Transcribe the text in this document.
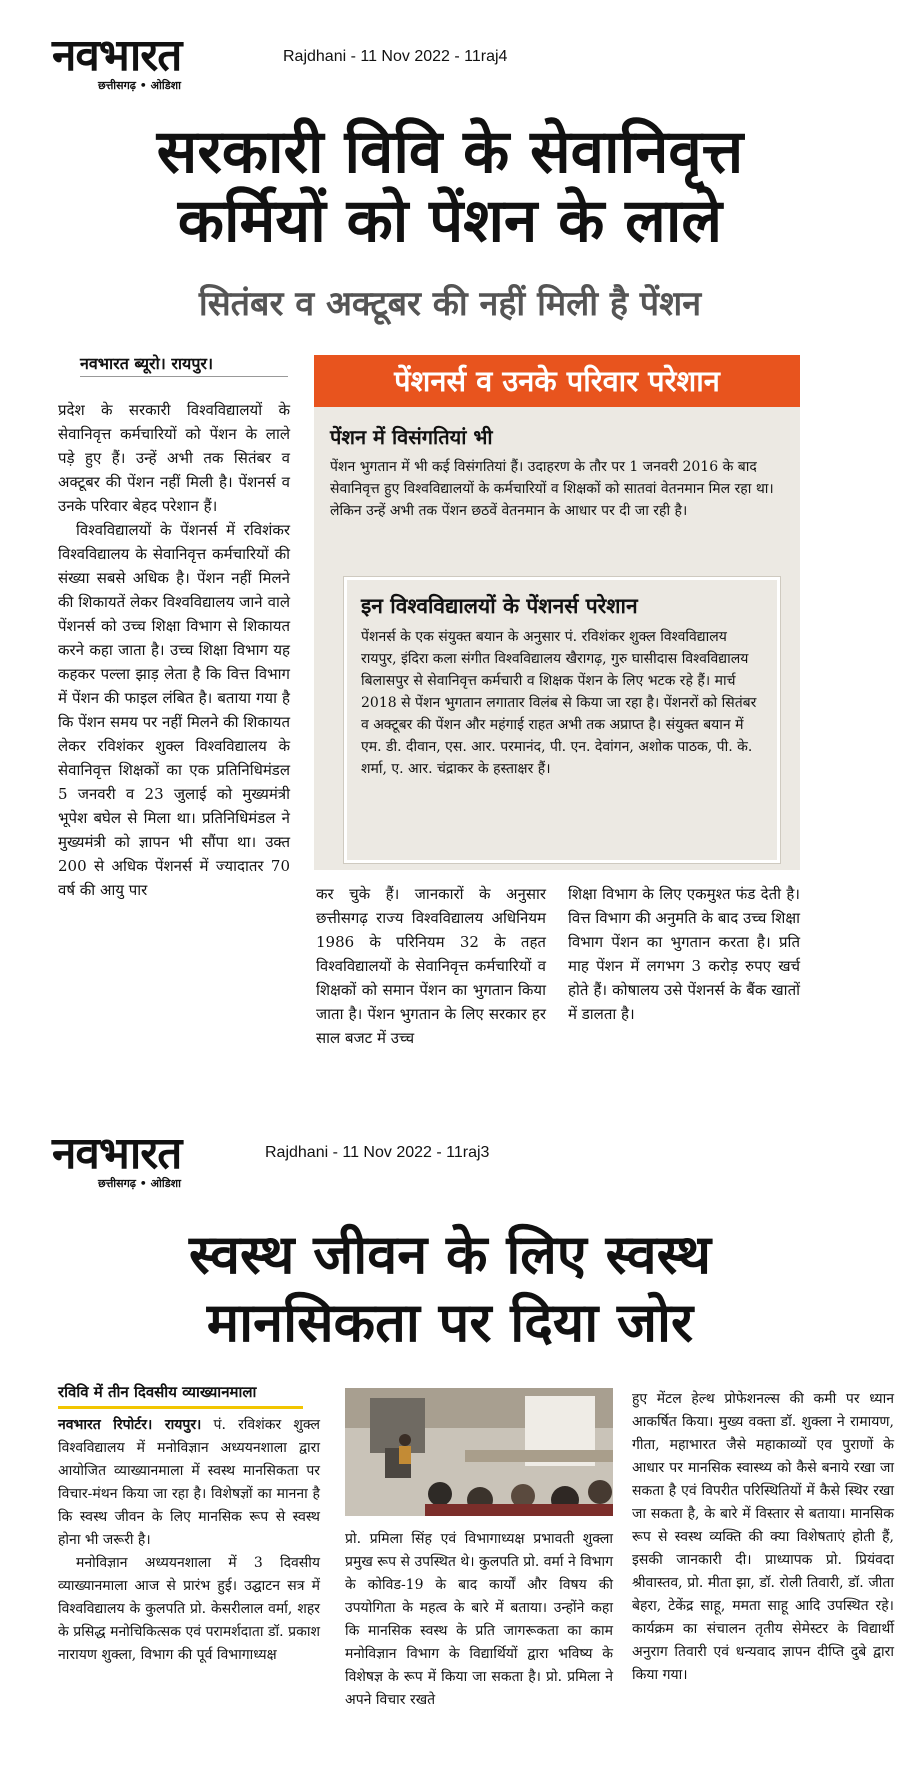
नवभारत
छत्तीसगढ़ • ओडिशा
Rajdhani - 11 Nov 2022 - 11raj4
सरकारी विवि के सेवानिवृत्त
कर्मियों को पेंशन के लाले
सितंबर व अक्टूबर की नहीं मिली है पेंशन
नवभारत ब्यूरो। रायपुर।

प्रदेश के सरकारी विश्वविद्यालयों के सेवानिवृत्त कर्मचारियों को पेंशन के लाले पड़े हुए हैं। उन्हें अभी तक सितंबर व अक्टूबर की पेंशन नहीं मिली है। पेंशनर्स व उनके परिवार बेहद परेशान हैं।

विश्वविद्यालयों के पेंशनर्स में रविशंकर विश्वविद्यालय के सेवानिवृत्त कर्मचारियों की संख्या सबसे अधिक है। पेंशन नहीं मिलने की शिकायतें लेकर विश्वविद्यालय जाने वाले पेंशनर्स को उच्च शिक्षा विभाग से शिकायत करने कहा जाता है। उच्च शिक्षा विभाग यह कहकर पल्ला झाड़ लेता है कि वित्त विभाग में पेंशन की फाइल लंबित है। बताया गया है कि पेंशन समय पर नहीं मिलने की शिकायत लेकर रविशंकर शुक्ल विश्वविद्यालय के सेवानिवृत्त शिक्षकों का एक प्रतिनिधिमंडल 5 जनवरी व 23 जुलाई को मुख्यमंत्री भूपेश बघेल से मिला था। प्रतिनिधिमंडल ने मुख्यमंत्री को ज्ञापन भी सौंपा था। उक्त 200 से अधिक पेंशनर्स में ज्यादातर 70 वर्ष की आयु पार

पेंशनर्स व उनके परिवार परेशान
पेंशन में विसंगतियां भी
पेंशन भुगतान में भी कई विसंगतियां हैं। उदाहरण के तौर पर 1 जनवरी 2016 के बाद सेवानिवृत्त हुए विश्वविद्यालयों के कर्मचारियों व शिक्षकों को सातवां वेतनमान मिल रहा था। लेकिन उन्हें अभी तक पेंशन छठवें वेतनमान के आधार पर दी जा रही है।
इन विश्वविद्यालयों के पेंशनर्स परेशान
पेंशनर्स के एक संयुक्त बयान के अनुसार पं. रविशंकर शुक्ल विश्वविद्यालय रायपुर, इंदिरा कला संगीत विश्वविद्यालय खैरागढ़, गुरु घासीदास विश्वविद्यालय बिलासपुर से सेवानिवृत्त कर्मचारी व शिक्षक पेंशन के लिए भटक रहे हैं। मार्च 2018 से पेंशन भुगतान लगातार विलंब से किया जा रहा है। पेंशनरों को सितंबर व अक्टूबर की पेंशन और महंगाई राहत अभी तक अप्राप्त है। संयुक्त बयान में एम. डी. दीवान, एस. आर. परमानंद, पी. एन. देवांगन, अशोक पाठक, पी. के. शर्मा, ए. आर. चंद्राकर के हस्ताक्षर हैं।
कर चुके हैं। जानकारों के अनुसार छत्तीसगढ़ राज्य विश्वविद्यालय अधिनियम 1986 के परिनियम 32 के तहत विश्वविद्यालयों के सेवानिवृत्त कर्मचारियों व शिक्षकों को समान पेंशन का भुगतान किया जाता है। पेंशन भुगतान के लिए सरकार हर साल बजट में उच्च
शिक्षा विभाग के लिए एकमुश्त फंड देती है। वित्त विभाग की अनुमति के बाद उच्च शिक्षा विभाग पेंशन का भुगतान करता है। प्रति माह पेंशन में लगभग 3 करोड़ रुपए खर्च होते हैं। कोषालय उसे पेंशनर्स के बैंक खातों में डालता है।
नवभारत
छत्तीसगढ़ • ओडिशा
Rajdhani - 11 Nov 2022 - 11raj3
स्वस्थ जीवन के लिए स्वस्थ
मानसिकता पर दिया जोर
रविवि में तीन दिवसीय व्याख्यानमाला

नवभारत रिपोर्टर। रायपुर। पं. रविशंकर शुक्ल विश्वविद्यालय में मनोविज्ञान अध्ययनशाला द्वारा आयोजित व्याख्यानमाला में स्वस्थ मानसिकता पर विचार-मंथन किया जा रहा है। विशेषज्ञों का मानना है कि स्वस्थ जीवन के लिए मानसिक रूप से स्वस्थ होना भी जरूरी है।

मनोविज्ञान अध्ययनशाला में 3 दिवसीय व्याख्यानमाला आज से प्रारंभ हुई। उद्घाटन सत्र में विश्वविद्यालय के कुलपति प्रो. केसरीलाल वर्मा, शहर के प्रसिद्ध मनोचिकित्सक एवं परामर्शदाता डॉ. प्रकाश नारायण शुक्ला, विभाग की पूर्व विभागाध्यक्ष

प्रो. प्रमिला सिंह एवं विभागाध्यक्ष प्रभावती शुक्ला प्रमुख रूप से उपस्थित थे। कुलपति प्रो. वर्मा ने विभाग के कोविड-19 के बाद कार्यों और विषय की उपयोगिता के महत्व के बारे में बताया। उन्होंने कहा कि मानसिक स्वस्थ के प्रति जागरूकता का काम मनोविज्ञान विभाग के विद्यार्थियों द्वारा भविष्य के विशेषज्ञ के रूप में किया जा सकता है। प्रो. प्रमिला ने अपने विचार रखते
हुए मेंटल हेल्थ प्रोफेशनल्स की कमी पर ध्यान आकर्षित किया। मुख्य वक्ता डॉ. शुक्ला ने रामायण, गीता, महाभारत जैसे महाकाव्यों एव पुराणों के आधार पर मानसिक स्वास्थ्य को कैसे बनाये रखा जा सकता है एवं विपरीत परिस्थितियों में कैसे स्थिर रखा जा सकता है, के बारे में विस्तार से बताया। मानसिक रूप से स्वस्थ व्यक्ति की क्या विशेषताएं होती हैं, इसकी जानकारी दी। प्राध्यापक प्रो. प्रियंवदा श्रीवास्तव, प्रो. मीता झा, डॉ. रोली तिवारी, डॉ. जीता बेहरा, टेकेंद्र साहू, ममता साहू आदि उपस्थित रहे। कार्यक्रम का संचालन तृतीय सेमेस्टर के विद्यार्थी अनुराग तिवारी एवं धन्यवाद ज्ञापन दीप्ति दुबे द्वारा किया गया।
